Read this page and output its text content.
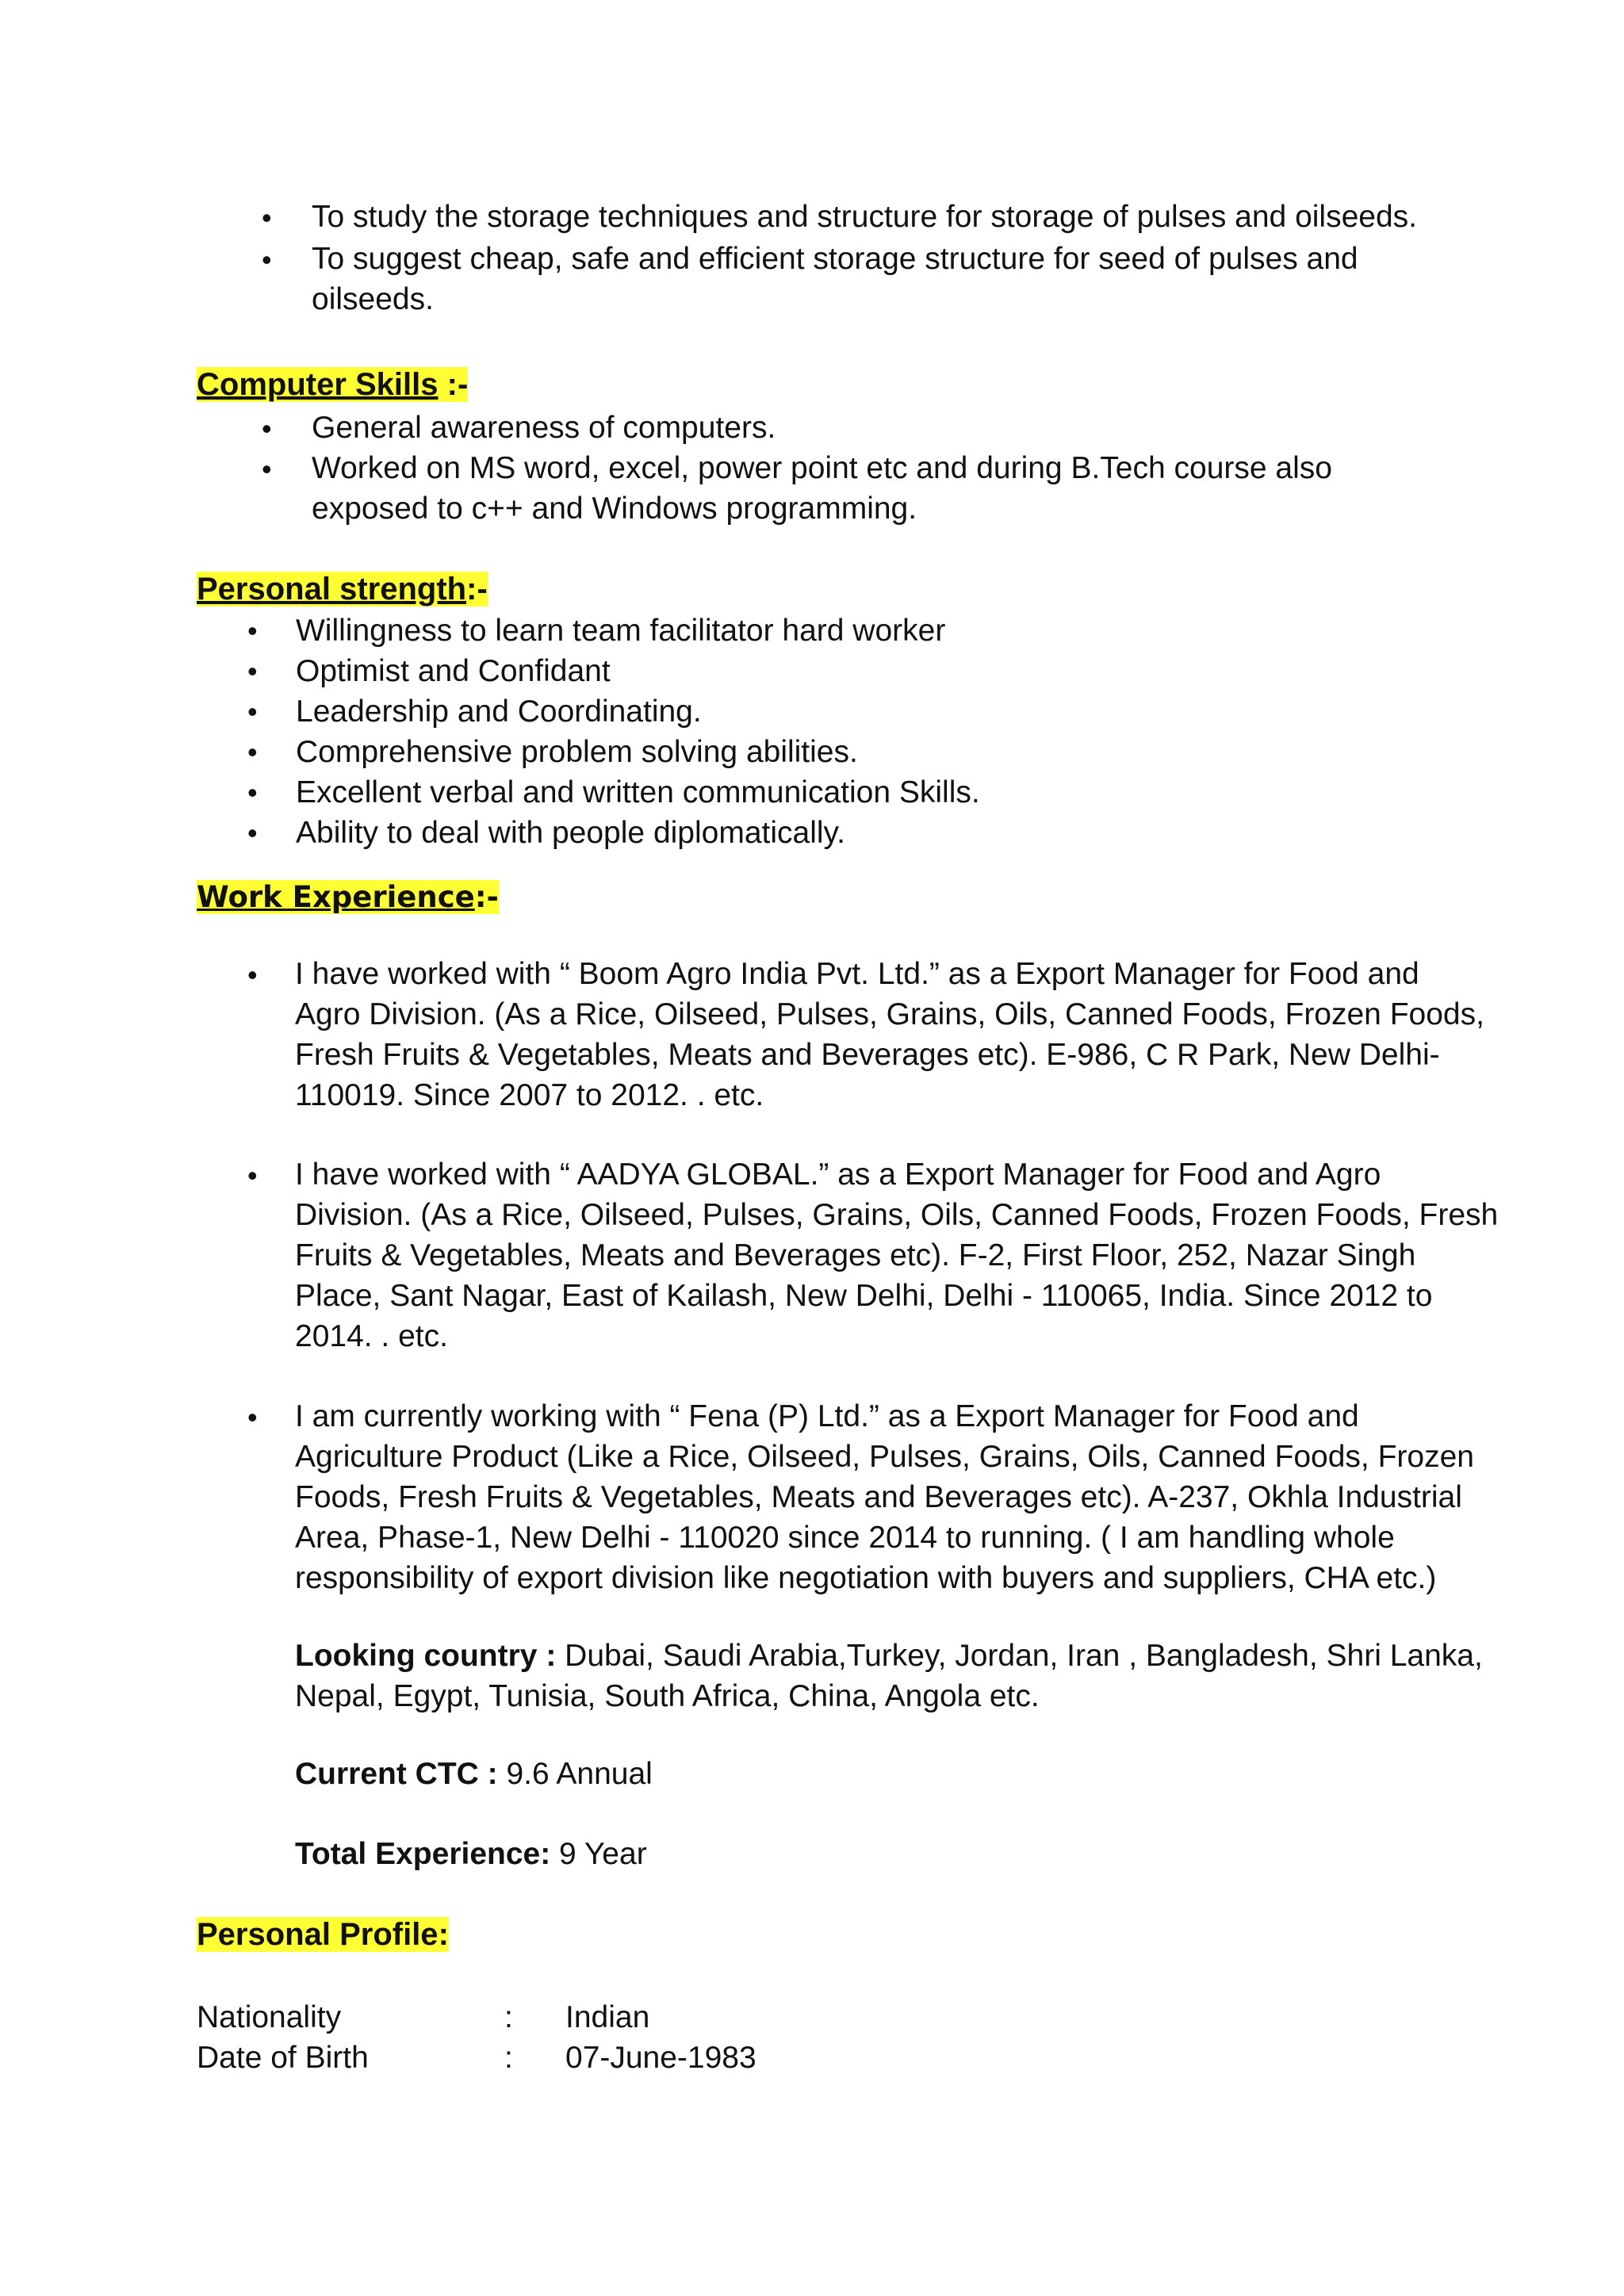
• To study the storage techniques and structure for storage of pulses and oilseeds.
• To suggest cheap, safe and efficient storage structure for seed of pulses and
oilseeds.
Computer Skills :-
• General awareness of computers.
• Worked on MS word, excel, power point etc and during B.Tech course also
exposed to c++ and Windows programming.
Personal strength:-
• Willingness to learn team facilitator hard worker
• Optimist and Confidant
• Leadership and Coordinating.
• Comprehensive problem solving abilities.
• Excellent verbal and written communication Skills.
• Ability to deal with people diplomatically.
Work Experience:-
• I have worked with “ Boom Agro India Pvt. Ltd.” as a Export Manager for Food and
Agro Division. (As a Rice, Oilseed, Pulses, Grains, Oils, Canned Foods, Frozen Foods,
Fresh Fruits & Vegetables, Meats and Beverages etc). E-986, C R Park, New Delhi-
110019. Since 2007 to 2012. . etc.
• I have worked with “ AADYA GLOBAL.” as a Export Manager for Food and Agro
Division. (As a Rice, Oilseed, Pulses, Grains, Oils, Canned Foods, Frozen Foods, Fresh
Fruits & Vegetables, Meats and Beverages etc). F-2, First Floor, 252, Nazar Singh
Place, Sant Nagar, East of Kailash, New Delhi, Delhi - 110065, India. Since 2012 to
2014. . etc.
• I am currently working with “ Fena (P) Ltd.” as a Export Manager for Food and
Agriculture Product (Like a Rice, Oilseed, Pulses, Grains, Oils, Canned Foods, Frozen
Foods, Fresh Fruits & Vegetables, Meats and Beverages etc). A-237, Okhla Industrial
Area, Phase-1, New Delhi - 110020 since 2014 to running. ( I am handling whole
responsibility of export division like negotiation with buyers and suppliers, CHA etc.)
Looking country : Dubai, Saudi Arabia,Turkey, Jordan, Iran , Bangladesh, Shri Lanka,
Nepal, Egypt, Tunisia, South Africa, China, Angola etc.
Current CTC : 9.6 Annual
Total Experience: 9 Year
Personal Profile:
Nationality	: Indian
Date of Birth	: 07-June-1983
